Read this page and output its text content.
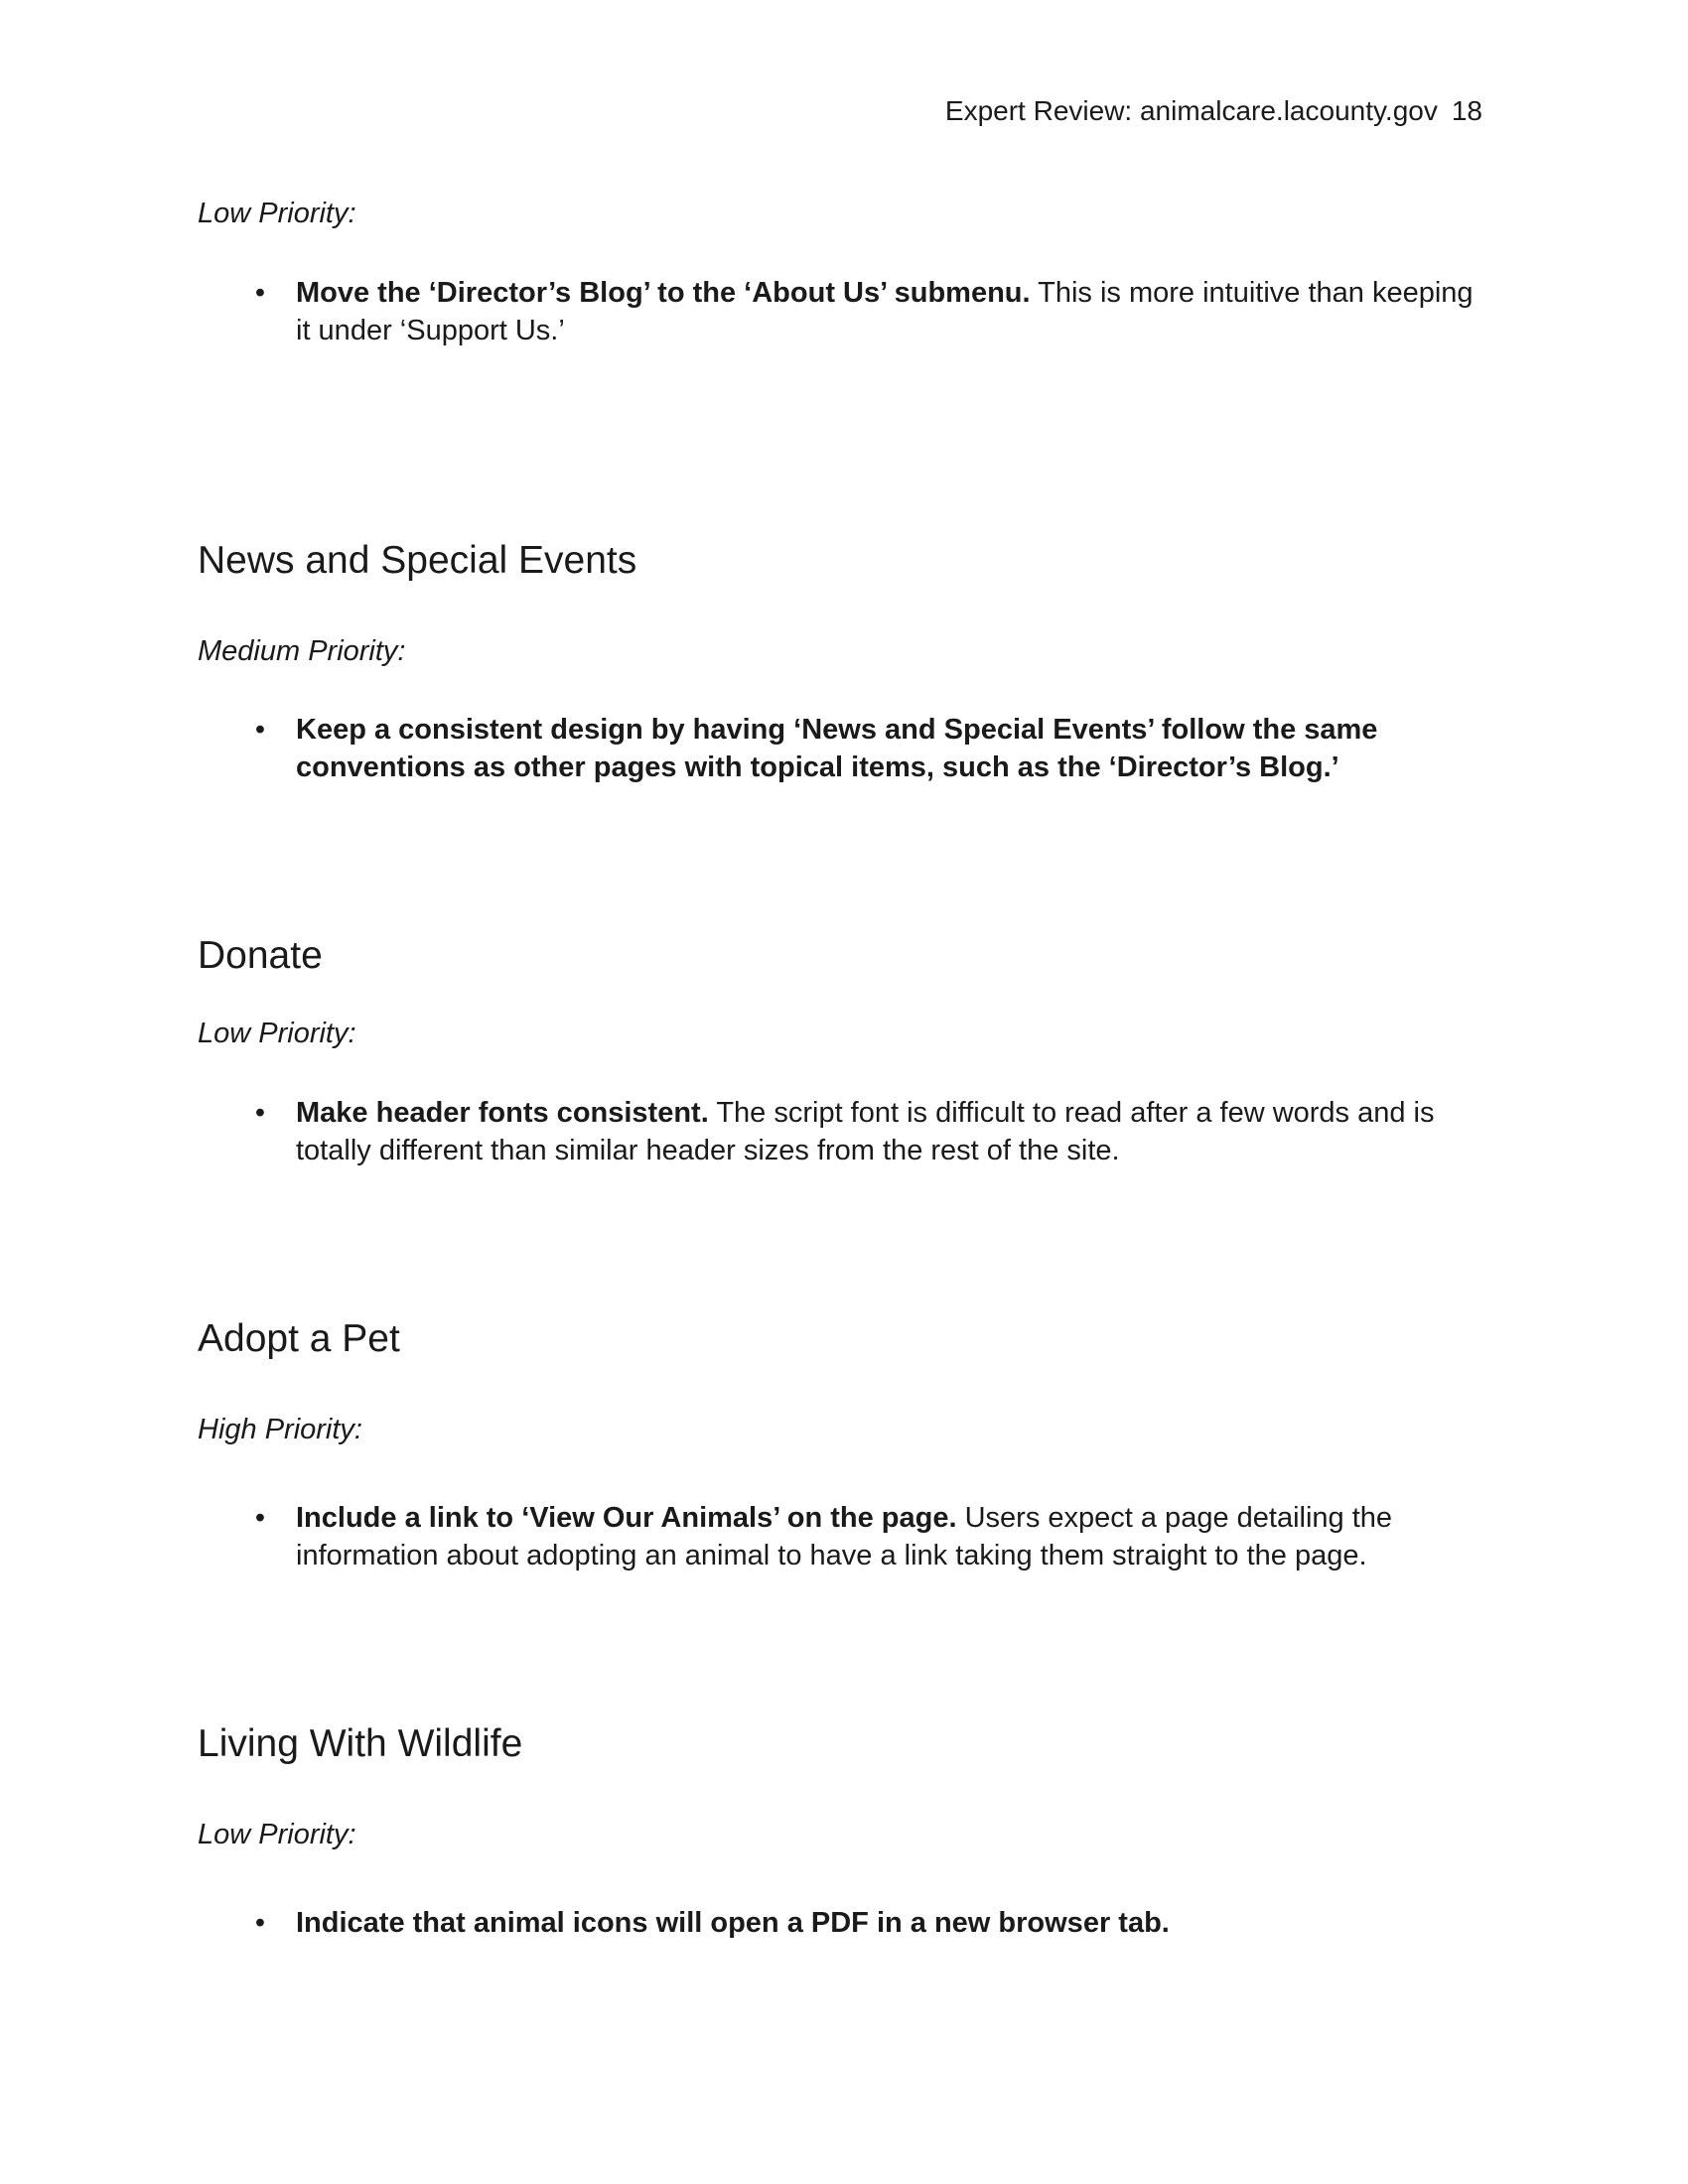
Expert Review: animalcare.lacounty.gov 18
Low Priority:
• Move the ‘Director’s Blog’ to the ‘About Us’ submenu. This is more intuitive than keeping it under ‘Support Us.’
News and Special Events
Medium Priority:
• Keep a consistent design by having ‘News and Special Events’ follow the same conventions as other pages with topical items, such as the ‘Director’s Blog.’
Donate
Low Priority:
• Make header fonts consistent. The script font is difficult to read after a few words and is totally different than similar header sizes from the rest of the site.
Adopt a Pet
High Priority:
• Include a link to ‘View Our Animals’ on the page. Users expect a page detailing the information about adopting an animal to have a link taking them straight to the page.
Living With Wildlife
Low Priority:
• Indicate that animal icons will open a PDF in a new browser tab.
